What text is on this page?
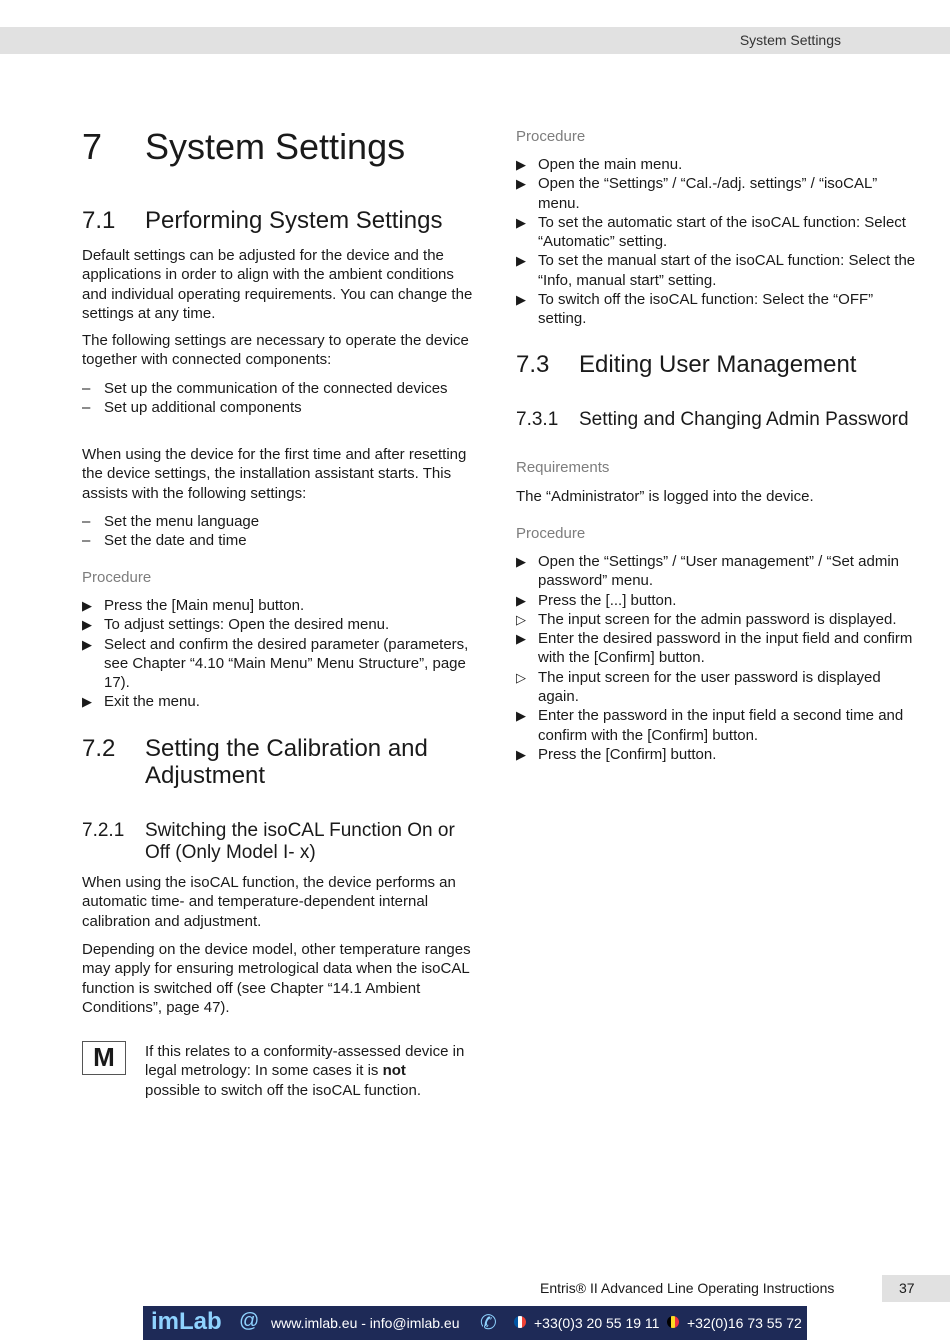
System Settings
7 System Settings
7.1 Performing System Settings

Default settings can be adjusted for the device and the applications in order to align with the ambient conditions and individual operating requirements. You can change the settings at any time.

The following settings are necessary to operate the device together with connected components:

– Set up the communication of the connected devices
– Set up additional components

When using the device for the first time and after resetting the device settings, the installation assistant starts. This assists with the following settings:

– Set the menu language
– Set the date and time

Procedure

▶ Press the [Main menu] button.
▶ To adjust settings: Open the desired menu.
▶ Select and confirm the desired parameter (parameters, see Chapter “4.10 “Main Menu” Menu Structure”, page 17).
▶ Exit the menu.
7.2 Setting the Calibration and Adjustment
7.2.1 Switching the isoCAL Function On or Off (Only Model I- x)

When using the isoCAL function, the device performs an automatic time- and temperature-dependent internal calibration and adjustment.

Depending on the device model, other temperature ranges may apply for ensuring metrological data when the isoCAL function is switched off (see Chapter “14.1 Ambient Conditions”, page 47).

If this relates to a conformity-assessed device in legal metrology: In some cases it is not possible to switch off the isoCAL function.

M

Procedure

▶ Open the main menu.
▶ Open the “Settings” / “Cal.-/adj. settings” / “isoCAL” menu.
▶ To set the automatic start of the isoCAL function: Select “Automatic” setting.
▶ To set the manual start of the isoCAL function: Select the “Info, manual start” setting.
▶ To switch off the isoCAL function: Select the “OFF” setting.
7.3 Editing User Management
7.3.1 Setting and Changing Admin Password

Requirements

The “Administrator” is logged into the device.

Procedure

▶ Open the “Settings” / “User management” / “Set admin password” menu.
▶ Press the [...] button.
▷ The input screen for the admin password is displayed.
▶ Enter the desired password in the input field and confirm with the [Confirm] button.
▷ The input screen for the user password is displayed again.
▶ Enter the password in the input field a second time and confirm with the [Confirm] button.
▶ Press the [Confirm] button.
Entris® II Advanced Line Operating Instructions	37
imLab @ www.imlab.eu - info@imlab.eu ✆	+33(0)3 20 55 19 11 +32(0)16 73 55 72
